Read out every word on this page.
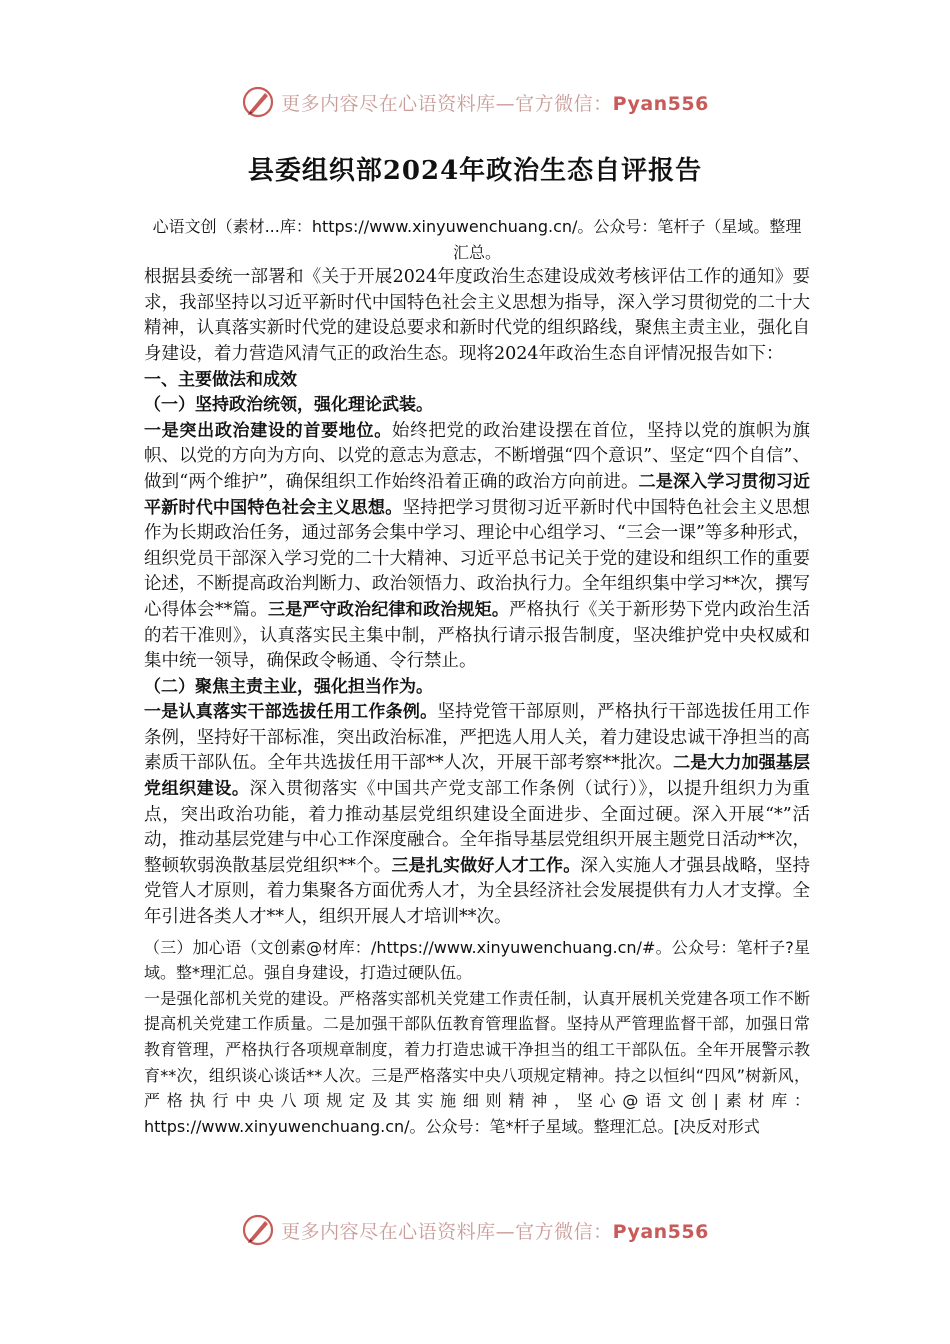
更多内容尽在心语资料库—官方微信：Pyan556
县委组织部2024年政治生态自评报告

心语文创（素材...库：https://www.xinyuwenchuang.cn/。公众号：笔杆子（星域。整理汇总。

根据县委统一部署和《关于开展2024年度政治生态建设成效考核评估工作的通知》要求，我部坚持以习近平新时代中国特色社会主义思想为指导，深入学习贯彻党的二十大精神，认真落实新时代党的建设总要求和新时代党的组织路线，聚焦主责主业，强化自身建设，着力营造风清气正的政治生态。现将2024年政治生态自评情况报告如下：

一、主要做法和成效

（一）坚持政治统领，强化理论武装。

一是突出政治建设的首要地位。始终把党的政治建设摆在首位，坚持以党的旗帜为旗帜、以党的方向为方向、以党的意志为意志，不断增强“四个意识”、坚定“四个自信”、做到“两个维护”，确保组织工作始终沿着正确的政治方向前进。二是深入学习贯彻习近平新时代中国特色社会主义思想。坚持把学习贯彻习近平新时代中国特色社会主义思想作为长期政治任务，通过部务会集中学习、理论中心组学习、“三会一课”等多种形式，组织党员干部深入学习党的二十大精神、习近平总书记关于党的建设和组织工作的重要论述，不断提高政治判断力、政治领悟力、政治执行力。全年组织集中学习**次，撰写心得体会**篇。三是严守政治纪律和政治规矩。严格执行《关于新形势下党内政治生活的若干准则》，认真落实民主集中制，严格执行请示报告制度，坚决维护党中央权威和集中统一领导，确保政令畅通、令行禁止。

（二）聚焦主责主业，强化担当作为。

一是认真落实干部选拔任用工作条例。坚持党管干部原则，严格执行干部选拔任用工作条例，坚持好干部标准，突出政治标准，严把选人用人关，着力建设忠诚干净担当的高素质干部队伍。全年共选拔任用干部**人次，开展干部考察**批次。二是大力加强基层党组织建设。深入贯彻落实《中国共产党支部工作条例（试行）》，以提升组织力为重点，突出政治功能，着力推动基层党组织建设全面进步、全面过硬。深入开展“*”活动，推动基层党建与中心工作深度融合。全年指导基层党组织开展主题党日活动**次，整顿软弱涣散基层党组织**个。三是扎实做好人才工作。深入实施人才强县战略，坚持党管人才原则，着力集聚各方面优秀人才，为全县经济社会发展提供有力人才支撑。全年引进各类人才**人，组织开展人才培训**次。

（三）加心语（文创素@材库：/https://www.xinyuwenchuang.cn/#。公众号：笔杆子?星域。整*理汇总。强自身建设，打造过硬队伍。

一是强化部机关党的建设。严格落实部机关党建工作责任制，认真开展机关党建各项工作不断提高机关党建工作质量。二是加强干部队伍教育管理监督。坚持从严管理监督干部，加强日常教育管理，严格执行各项规章制度，着力打造忠诚干净担当的组工干部队伍。全年开展警示教育**次，组织谈心谈话**人次。三是严格落实中央八项规定精神。持之以恒纠“四风”树新风，严格执行中央八项规定及其实施细则精神，坚心@语文创|素材库：https://www.xinyuwenchuang.cn/。公众号：笔*杆子星域。整理汇总。[决反对形式

更多内容尽在心语资料库—官方微信：Pyan556
